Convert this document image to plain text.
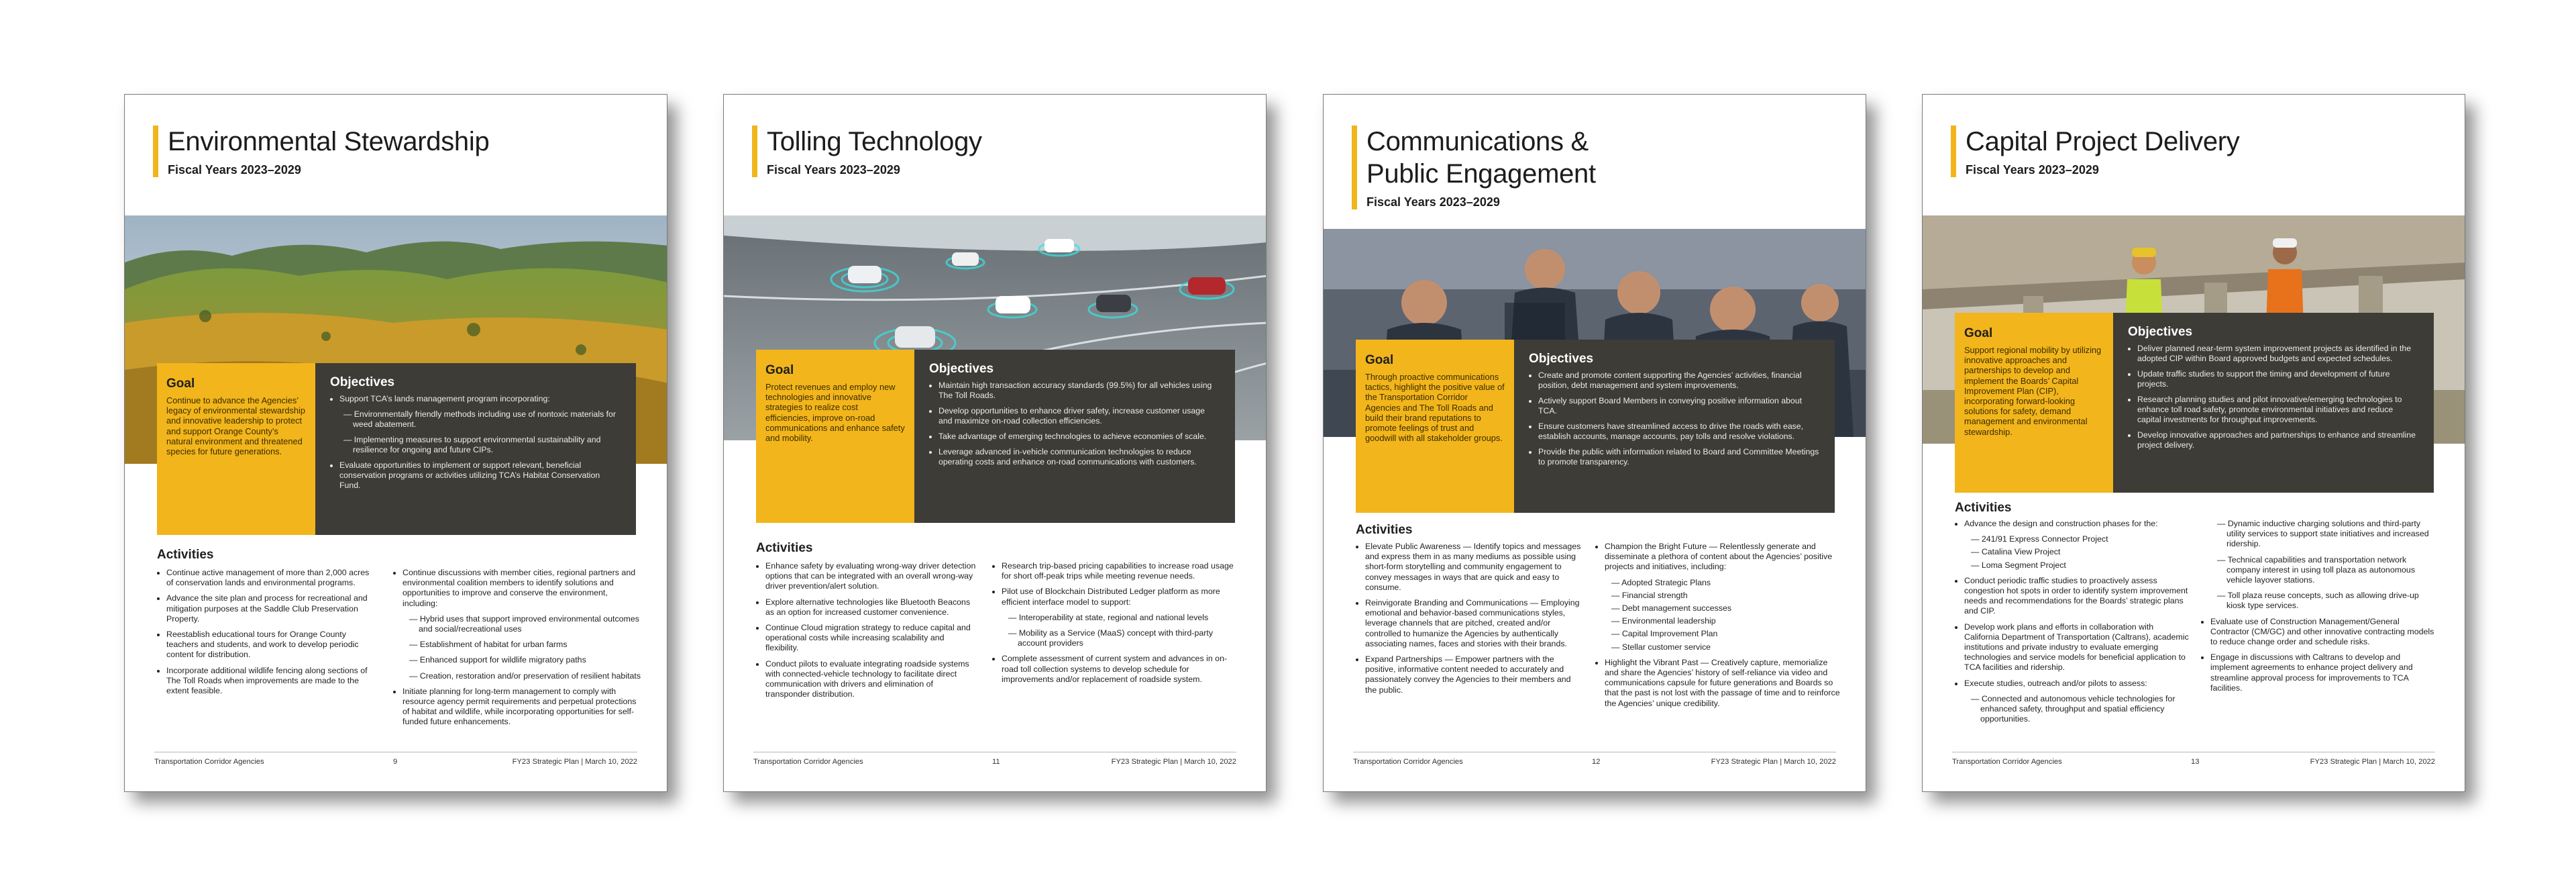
Environmental Stewardship
Fiscal Years 2023–2029
Goal
Continue to advance the Agencies’ legacy of environmental stewardship and innovative leadership to protect and support Orange County’s natural environment and threatened species for future generations.
Objectives
• Support TCA’s lands management program incorporating:
— Environmentally friendly methods including use of nontoxic materials for weed abatement.
— Implementing measures to support environmental sustainability and resilience for ongoing and future CIPs.
• Evaluate opportunities to implement or support relevant, beneficial conservation programs or activities utilizing TCA’s Habitat Conservation Fund.
Activities
• Continue active management of more than 2,000 acres of conservation lands and environmental programs.
• Advance the site plan and process for recreational and mitigation purposes at the Saddle Club Preservation Property.
• Reestablish educational tours for Orange County teachers and students, and work to develop periodic content for distribution.
• Incorporate additional wildlife fencing along sections of The Toll Roads when improvements are made to the extent feasible.
• Continue discussions with member cities, regional partners and environmental coalition members to identify solutions and opportunities to improve and conserve the environment, including:
— Hybrid uses that support improved environmental outcomes and social/recreational uses
— Establishment of habitat for urban farms
— Enhanced support for wildlife migratory paths
— Creation, restoration and/or preservation of resilient habitats
• Initiate planning for long-term management to comply with resource agency permit requirements and perpetual protections of habitat and wildlife, while incorporating opportunities for self-funded future enhancements.
Transportation Corridor Agencies	9	FY23 Strategic Plan | March 10, 2022
Tolling Technology
Fiscal Years 2023–2029
Goal
Protect revenues and employ new technologies and innovative strategies to realize cost efficiencies, improve on-road communications and enhance safety and mobility.
Objectives
• Maintain high transaction accuracy standards (99.5%) for all vehicles using The Toll Roads.
• Develop opportunities to enhance driver safety, increase customer usage and maximize on-road collection efficiencies.
• Take advantage of emerging technologies to achieve economies of scale.
• Leverage advanced in-vehicle communication technologies to reduce operating costs and enhance on-road communications with customers.
Activities
• Enhance safety by evaluating wrong-way driver detection options that can be integrated with an overall wrong-way driver prevention/alert solution.
• Explore alternative technologies like Bluetooth Beacons as an option for increased customer convenience.
• Continue Cloud migration strategy to reduce capital and operational costs while increasing scalability and flexibility.
• Conduct pilots to evaluate integrating roadside systems with connected-vehicle technology to facilitate direct communication with drivers and elimination of transponder distribution.
• Research trip-based pricing capabilities to increase road usage for short off-peak trips while meeting revenue needs.
• Pilot use of Blockchain Distributed Ledger platform as more efficient interface model to support:
— Interoperability at state, regional and national levels
— Mobility as a Service (MaaS) concept with third-party account providers
• Complete assessment of current system and advances in on-road toll collection systems to develop schedule for improvements and/or replacement of roadside system.
Transportation Corridor Agencies	11	FY23 Strategic Plan | March 10, 2022
Communications &
Public Engagement
Fiscal Years 2023–2029
Goal
Through proactive communications tactics, highlight the positive value of the Transportation Corridor Agencies and The Toll Roads and build their brand reputations to promote feelings of trust and goodwill with all stakeholder groups.
Objectives
• Create and promote content supporting the Agencies’ activities, financial position, debt management and system improvements.
• Actively support Board Members in conveying positive information about TCA.
• Ensure customers have streamlined access to drive the roads with ease, establish accounts, manage accounts, pay tolls and resolve violations.
• Provide the public with information related to Board and Committee Meetings to promote transparency.
Activities
• Elevate Public Awareness — Identify topics and messages and express them in as many mediums as possible using short-form storytelling and community engagement to convey messages in ways that are quick and easy to consume.
• Reinvigorate Branding and Communications — Employing emotional and behavior-based communications styles, leverage channels that are pitched, created and/or controlled to humanize the Agencies by authentically associating names, faces and stories with their brands.
• Expand Partnerships — Empower partners with the positive, informative content needed to accurately and passionately convey the Agencies to their members and the public.
• Champion the Bright Future — Relentlessly generate and disseminate a plethora of content about the Agencies’ positive projects and initiatives, including:
— Adopted Strategic Plans
— Financial strength
— Debt management successes
— Environmental leadership
— Capital Improvement Plan
— Stellar customer service
• Highlight the Vibrant Past — Creatively capture, memorialize and share the Agencies’ history of self-reliance via video and communications capsule for future generations and Boards so that the past is not lost with the passage of time and to reinforce the Agencies’ unique credibility.
Transportation Corridor Agencies	12	FY23 Strategic Plan | March 10, 2022
Capital Project Delivery
Fiscal Years 2023–2029
Goal
Support regional mobility by utilizing innovative approaches and partnerships to develop and implement the Boards’ Capital Improvement Plan (CIP), incorporating forward-looking solutions for safety, demand management and environmental stewardship.
Objectives
• Deliver planned near-term system improvement projects as identified in the adopted CIP within Board approved budgets and expected schedules.
• Update traffic studies to support the timing and development of future projects.
• Research planning studies and pilot innovative/emerging technologies to enhance toll road safety, promote environmental initiatives and reduce capital investments for throughput improvements.
• Develop innovative approaches and partnerships to enhance and streamline project delivery.
Activities
• Advance the design and construction phases for the:
— 241/91 Express Connector Project
— Catalina View Project
— Loma Segment Project
• Conduct periodic traffic studies to proactively assess congestion hot spots in order to identify system improvement needs and recommendations for the Boards’ strategic plans and CIP.
• Develop work plans and efforts in collaboration with California Department of Transportation (Caltrans), academic institutions and private industry to evaluate emerging technologies and service models for beneficial application to TCA facilities and ridership.
• Execute studies, outreach and/or pilots to assess:
— Connected and autonomous vehicle technologies for enhanced safety, throughput and spatial efficiency opportunities.
— Dynamic inductive charging solutions and third-party utility services to support state initiatives and increased ridership.
— Technical capabilities and transportation network company interest in using toll plaza as autonomous vehicle layover stations.
— Toll plaza reuse concepts, such as allowing drive-up kiosk type services.
• Evaluate use of Construction Management/General Contractor (CM/GC) and other innovative contracting models to reduce change order and schedule risks.
• Engage in discussions with Caltrans to develop and implement agreements to enhance project delivery and streamline approval process for improvements to TCA facilities.
Transportation Corridor Agencies	13	FY23 Strategic Plan | March 10, 2022
